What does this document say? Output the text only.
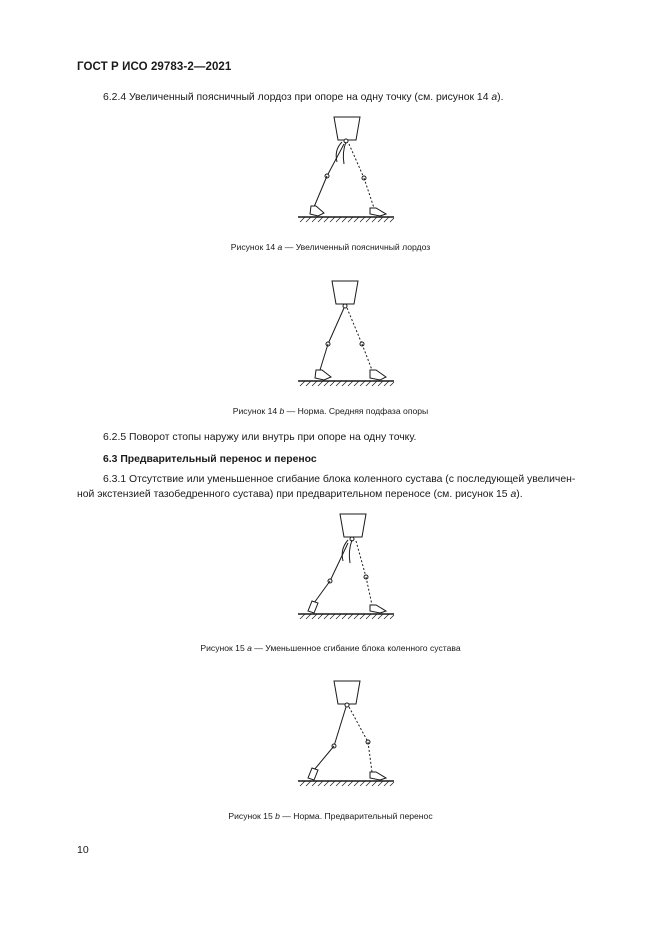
ГОСТ Р ИСО 29783-2—2021
6.2.4 Увеличенный поясничный лордоз при опоре на одну точку (см. рисунок 14 a).
Рисунок 14 a — Увеличенный поясничный лордоз
Рисунок 14 b — Норма. Средняя подфаза опоры
6.2.5 Поворот стопы наружу или внутрь при опоре на одну точку.
6.3 Предварительный перенос и перенос
6.3.1 Отсутствие или уменьшенное сгибание блока коленного сустава (с последующей увеличен-
ной экстензией тазобедренного сустава) при предварительном переносе (см. рисунок 15 a).
Рисунок 15 a — Уменьшенное сгибание блока коленного сустава
Рисунок 15 b — Норма. Предварительный перенос
10
